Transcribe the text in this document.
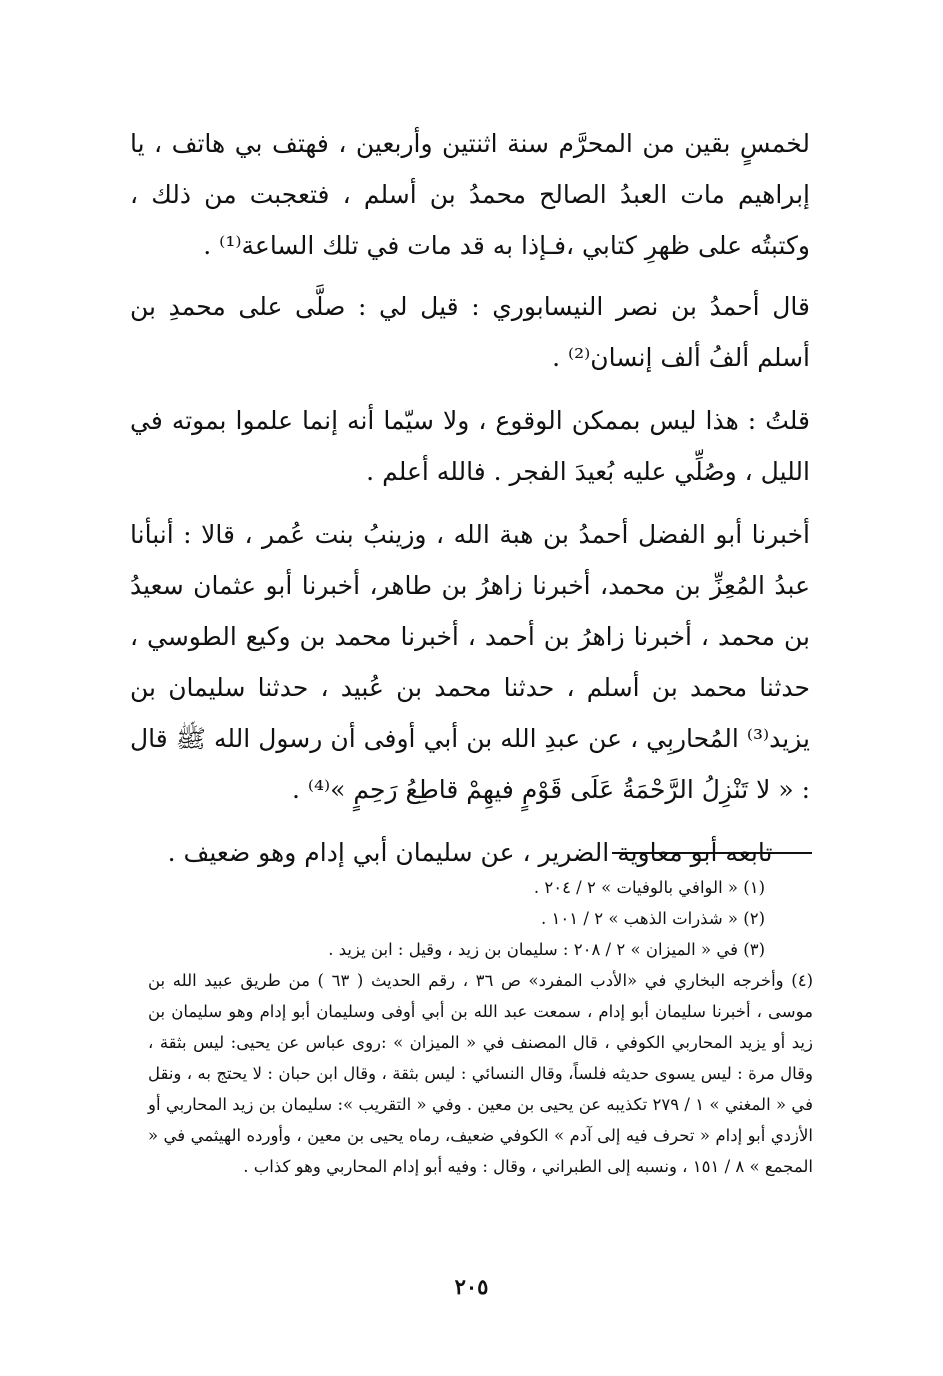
لخمسٍ بقين من المحرَّم سنة اثنتين وأربعين ، فهتف بي هاتف ، يا إبراهيم مات العبدُ الصالح محمدُ بن أسلم ، فتعجبت من ذلك ، وكتبتُه على ظهرِ كتابي ،فـإذا به قد مات في تلك الساعة⁽¹⁾ .

قال أحمدُ بن نصر النيسابوري : قيل لي : صلَّى على محمدِ بن أسلم ألفُ ألف إنسان⁽²⁾ .

قلتُ : هذا ليس بممكن الوقوع ، ولا سيّما أنه إنما علموا بموته في الليل ، وصُلِّي عليه بُعيدَ الفجر . فالله أعلم .

أخبرنا أبو الفضل أحمدُ بن هبة الله ، وزينبُ بنت عُمر ، قالا : أنبأنا عبدُ المُعِزِّ بن محمد، أخبرنا زاهرُ بن طاهر، أخبرنا أبو عثمان سعيدُ بن محمد ، أخبرنا زاهرُ بن أحمد ، أخبرنا محمد بن وكيع الطوسي ، حدثنا محمد بن أسلم ، حدثنا محمد بن عُبيد ، حدثنا سليمان بن يزيد⁽³⁾ المُحاربِي ، عن عبدِ الله بن أبي أوفى أن رسول الله ﷺ قال : « لا تَنْزِلُ الرَّحْمَةُ عَلَى قَوْمٍ فيهِمْ قاطِعُ رَحِمٍ »⁽⁴⁾ .

تابعه أبو معاوية الضرير ، عن سليمان أبي إدام وهو ضعيف .

(١) « الوافي بالوفيات » ٢ / ٢٠٤ .

(٢) « شذرات الذهب » ٢ / ١٠١ .

(٣) في « الميزان » ٢ / ٢٠٨ : سليمان بن زيد ، وقيل : ابن يزيد .

(٤) وأخرجه البخاري في «الأدب المفرد» ص ٣٦ ، رقم الحديث ( ٦٣ ) من طريق عبيد الله بن موسى ، أخبرنا سليمان أبو إدام ، سمعت عبد الله بن أبي أوفى وسليمان أبو إدام وهو سليمان بن زيد أو يزيد المحاربي الكوفي ، قال المصنف في « الميزان » :روى عباس عن يحيى: ليس بثقة ، وقال مرة : ليس يسوى حديثه فلساً، وقال النسائي : ليس بثقة ، وقال ابن حبان : لا يحتج به ، ونقل في « المغني » ١ / ٢٧٩ تكذيبه عن يحيى بن معين . وفي « التقريب »: سليمان بن زيد المحاربي أو الأزدي أبو إدام « تحرف فيه إلى آدم » الكوفي ضعيف، رماه يحيى بن معين ، وأورده الهيثمي في « المجمع » ٨ / ١٥١ ، ونسبه إلى الطبراني ، وقال : وفيه أبو إدام المحاربي وهو كذاب .

٢٠٥
